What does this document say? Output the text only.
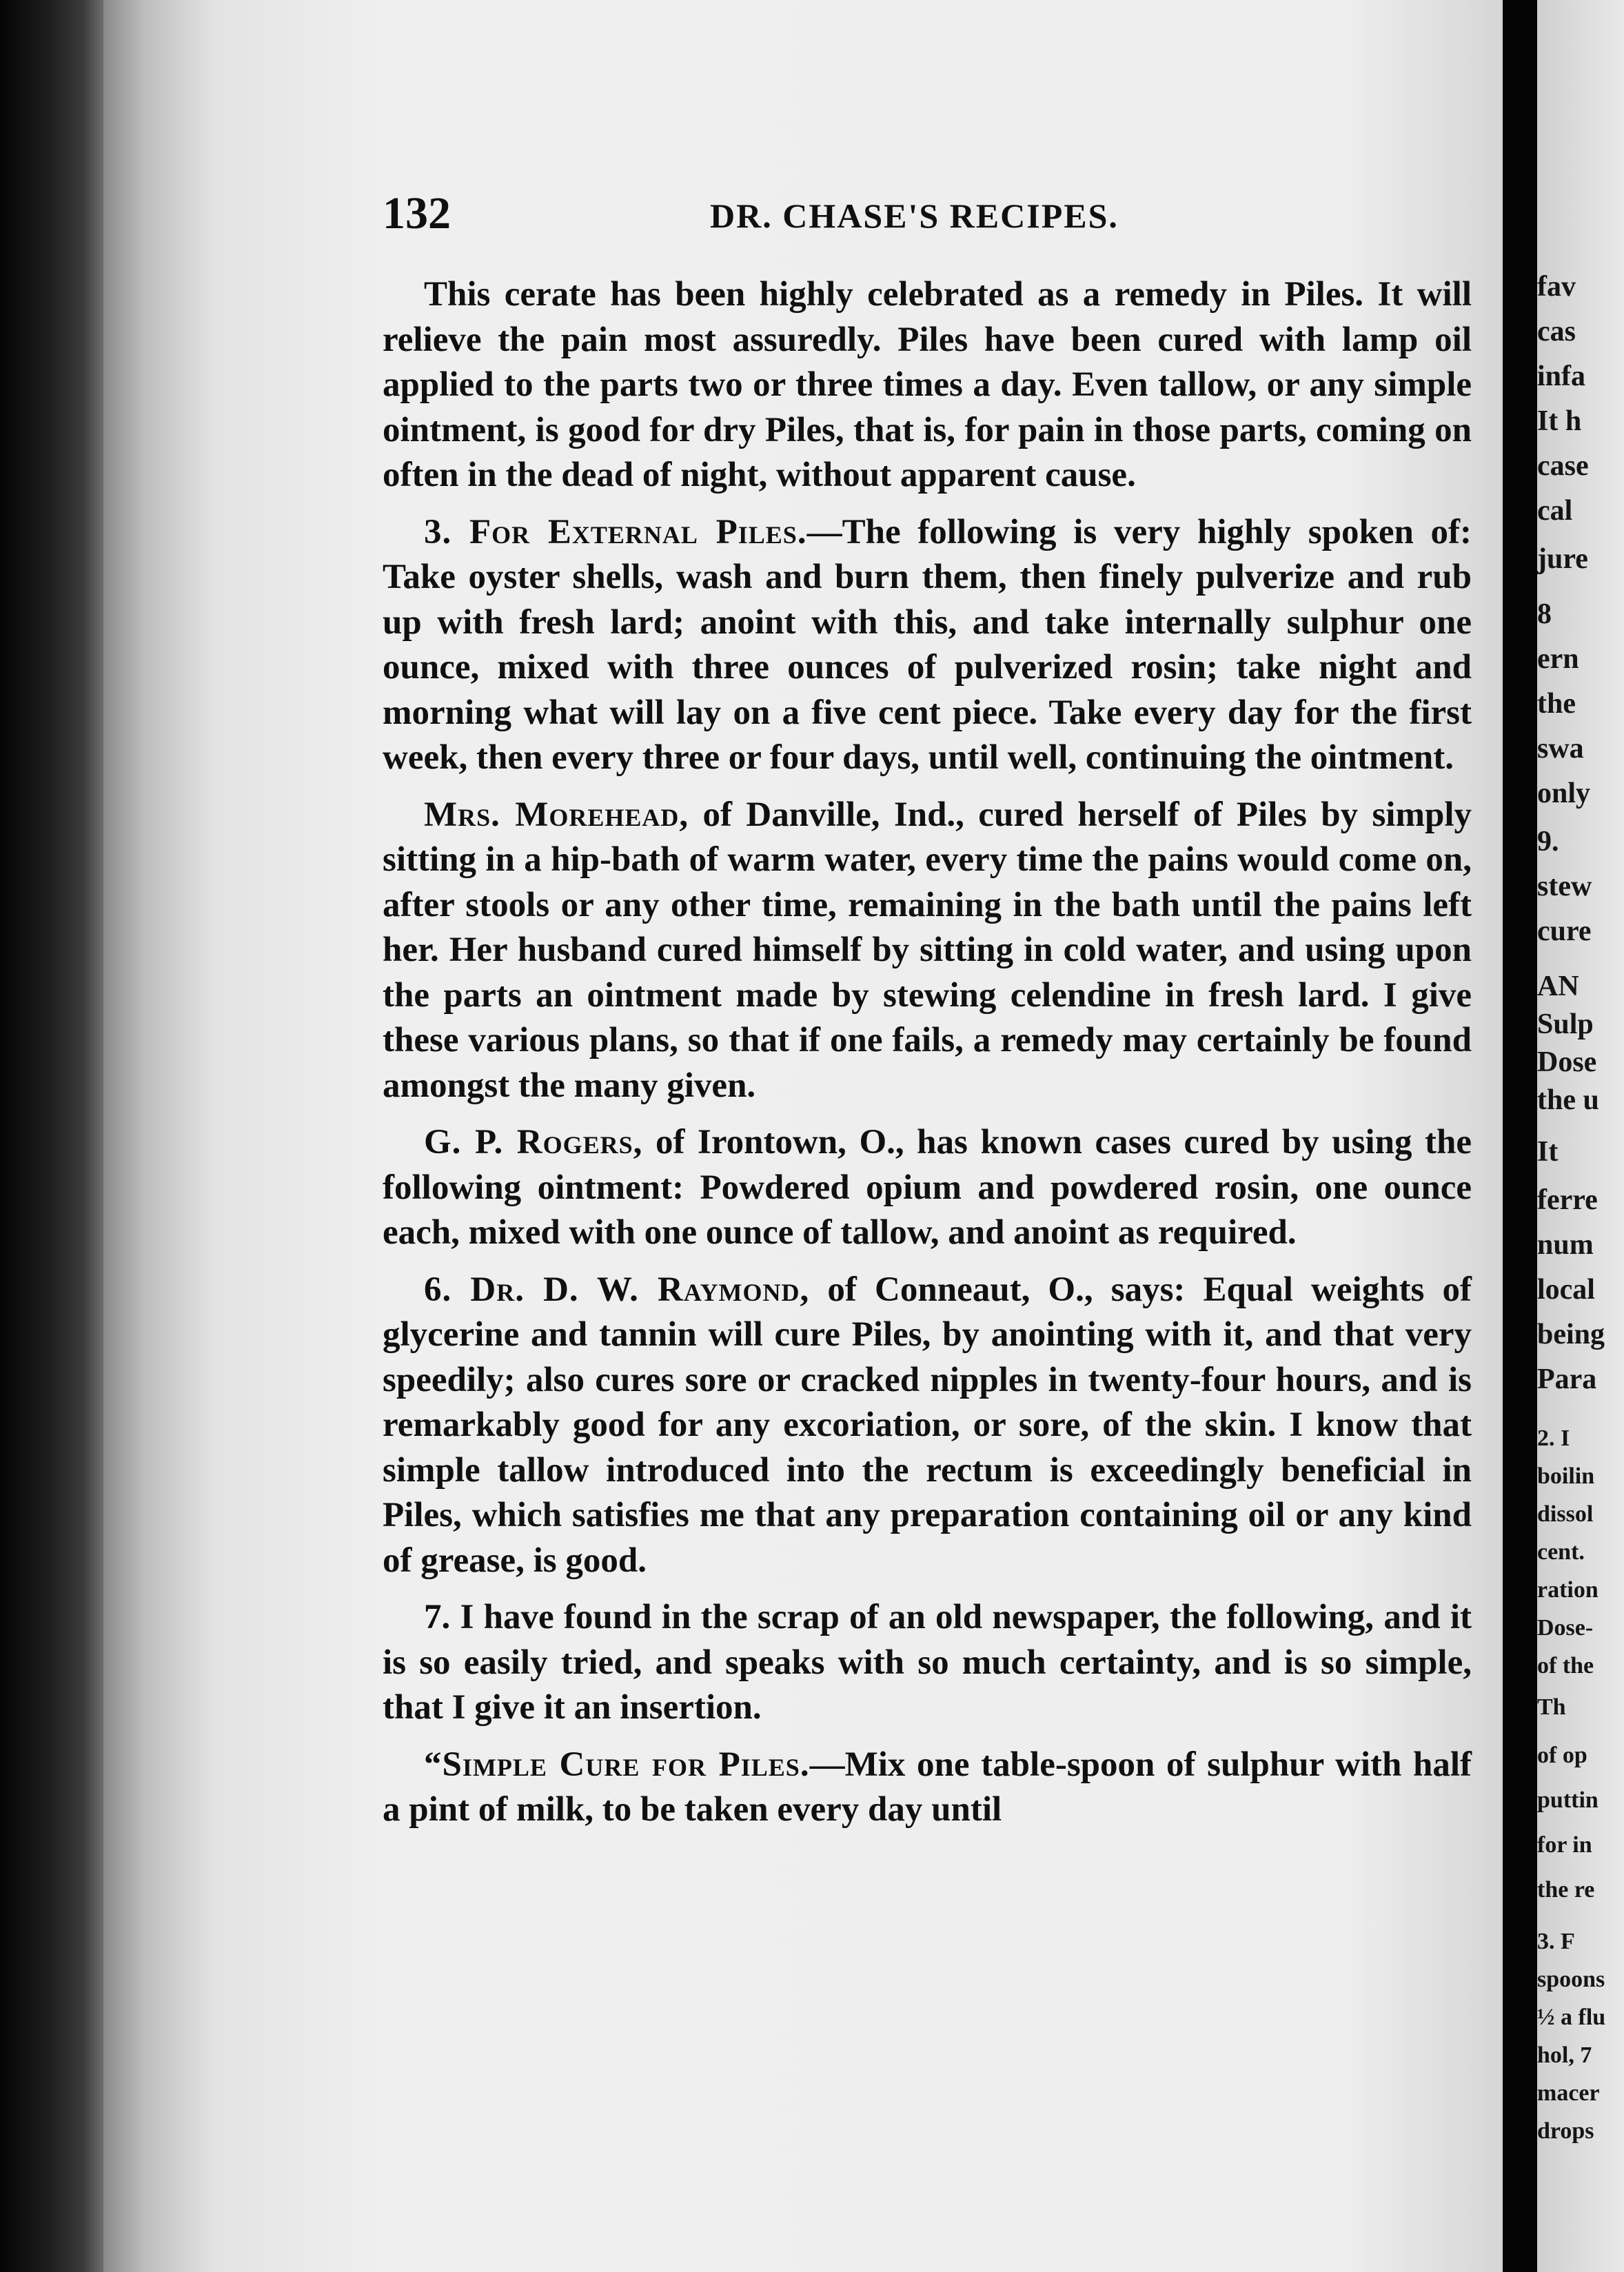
132	DR. CHASE'S RECIPES.

This cerate has been highly celebrated as a remedy in Piles. It will relieve the pain most assuredly. Piles have been cured with lamp oil applied to the parts two or three times a day. Even tallow, or any simple ointment, is good for dry Piles, that is, for pain in those parts, coming on often in the dead of night, without apparent cause.

3. For External Piles.—The following is very highly spoken of: Take oyster shells, wash and burn them, then finely pulverize and rub up with fresh lard; anoint with this, and take internally sulphur one ounce, mixed with three ounces of pulverized rosin; take night and morning what will lay on a five cent piece. Take every day for the first week, then every three or four days, until well, continuing the ointment.

Mrs. Morehead, of Danville, Ind., cured herself of Piles by simply sitting in a hip-bath of warm water, every time the pains would come on, after stools or any other time, remaining in the bath until the pains left her. Her husband cured himself by sitting in cold water, and using upon the parts an ointment made by stewing celendine in fresh lard. I give these various plans, so that if one fails, a remedy may certainly be found amongst the many given.

G. P. Rogers, of Irontown, O., has known cases cured by using the following ointment: Powdered opium and powdered rosin, one ounce each, mixed with one ounce of tallow, and anoint as required.

6. Dr. D. W. Raymond, of Conneaut, O., says: Equal weights of glycerine and tannin will cure Piles, by anointing with it, and that very speedily; also cures sore or cracked nipples in twenty-four hours, and is remarkably good for any excoriation, or sore, of the skin. I know that simple tallow introduced into the rectum is exceedingly beneficial in Piles, which satisfies me that any preparation containing oil or any kind of grease, is good.

7. I have found in the scrap of an old newspaper, the following, and it is so easily tried, and speaks with so much certainty, and is so simple, that I give it an insertion.

“Simple Cure for Piles.—Mix one table-spoon of sulphur with half a pint of milk, to be taken every day until

fav
cas
infa
It h
case
cal
jure
8
ern
the
swa
only
9.
stew
cure
AN
Sulp
Dose
the u
It
ferre
num
local
being
Para
2. I
boilin
dissol
cent.
ration
Dose-
of the
Th
of op
puttin
for in
the re
3. F
spoons
½ a flu
hol, 7
macer
drops
